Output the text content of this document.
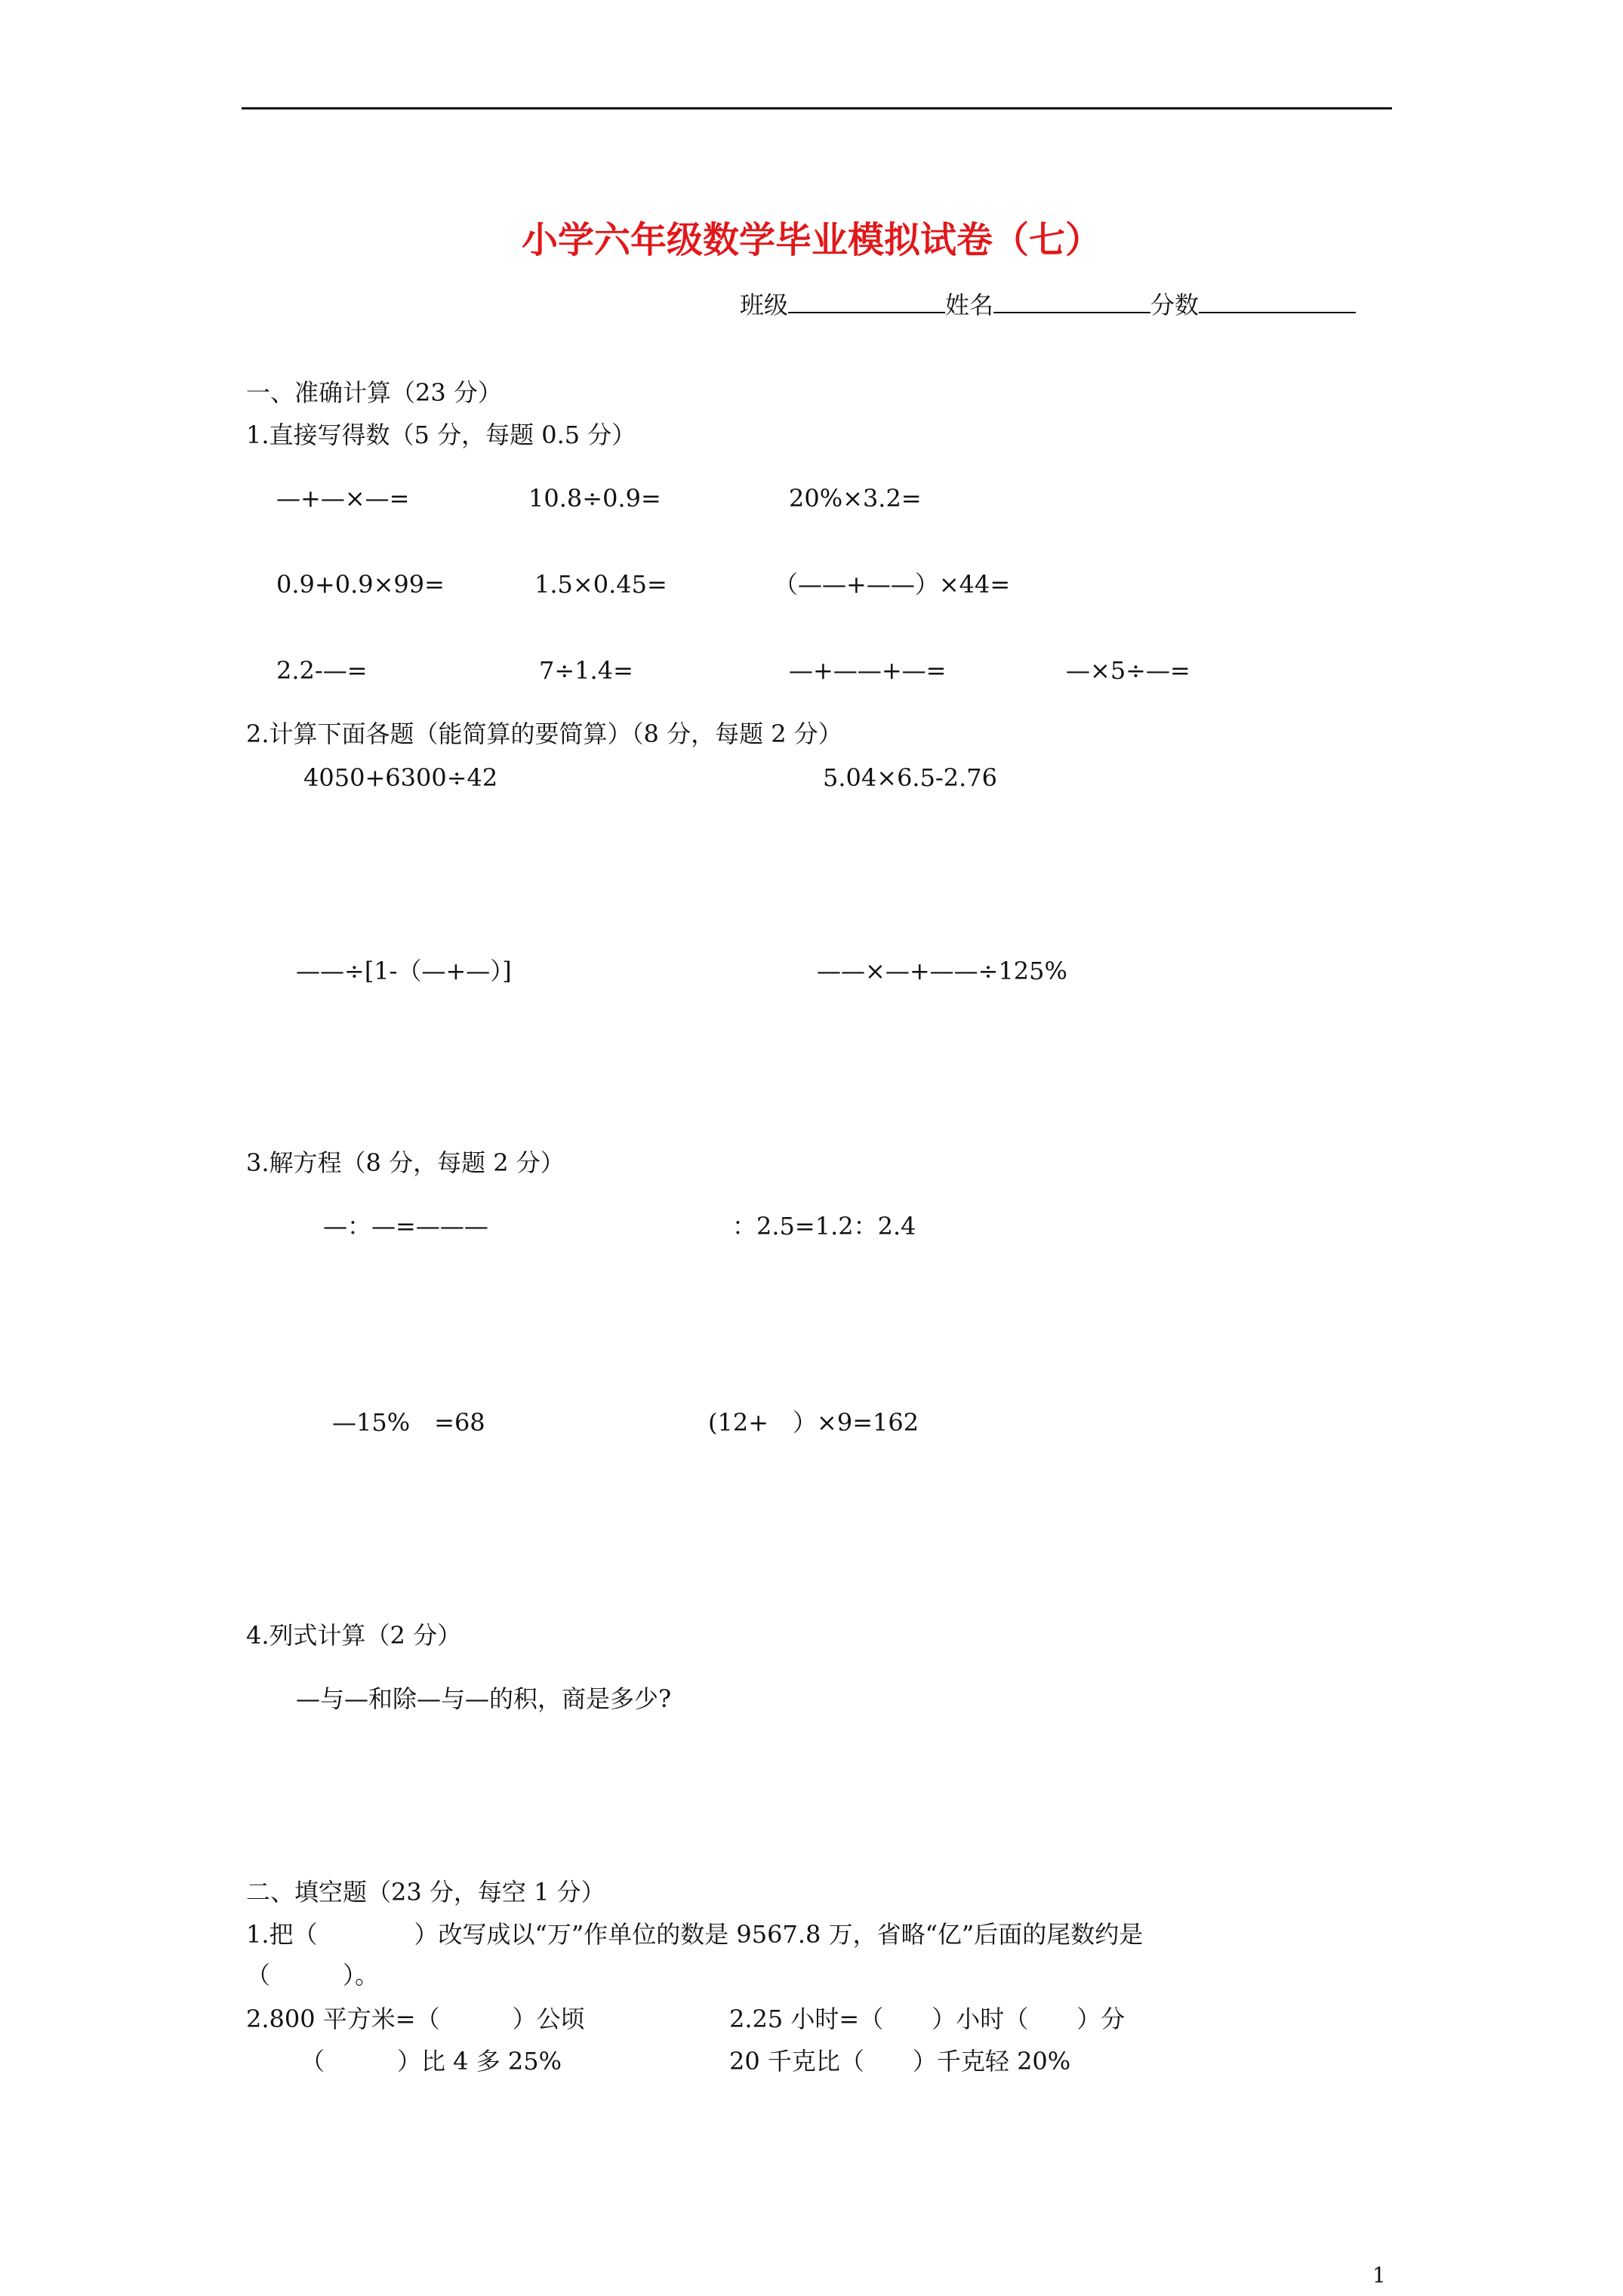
小学六年级数学毕业模拟试卷（七）
班级	姓名	分数
一、准确计算（23 分）
1.直接写得数（5 分，每题 0.5 分）
—+—×—=	10.8÷0.9=	20%×3.2=
0.9+0.9×99=	1.5×0.45=	（——+——）×44=
2.2-—=	7÷1.4=	—+——+—=	—×5÷—=
2.计算下面各题（能简算的要简算）（8 分，每题 2 分）
4050+6300÷42	5.04×6.5-2.76
——÷[1-（—+—）]	——×—+——÷125%
3.解方程（8 分，每题 2 分）
—：—=———	：2.5=1.2：2.4
—15%　=68	(12+　）×9=162
4.列式计算（2 分）
—与—和除—与—的积，商是多少?
二、填空题（23 分，每空 1 分）
1.把（　　　　）改写成以“万”作单位的数是 9567.8 万，省略“亿”后面的尾数约是
（　　　）。
2.800 平方米=（　　　）公顷	2.25 小时=（　　）小时（　　）分
（　　　）比 4 多 25%	20 千克比（　　）千克轻 20%
1
